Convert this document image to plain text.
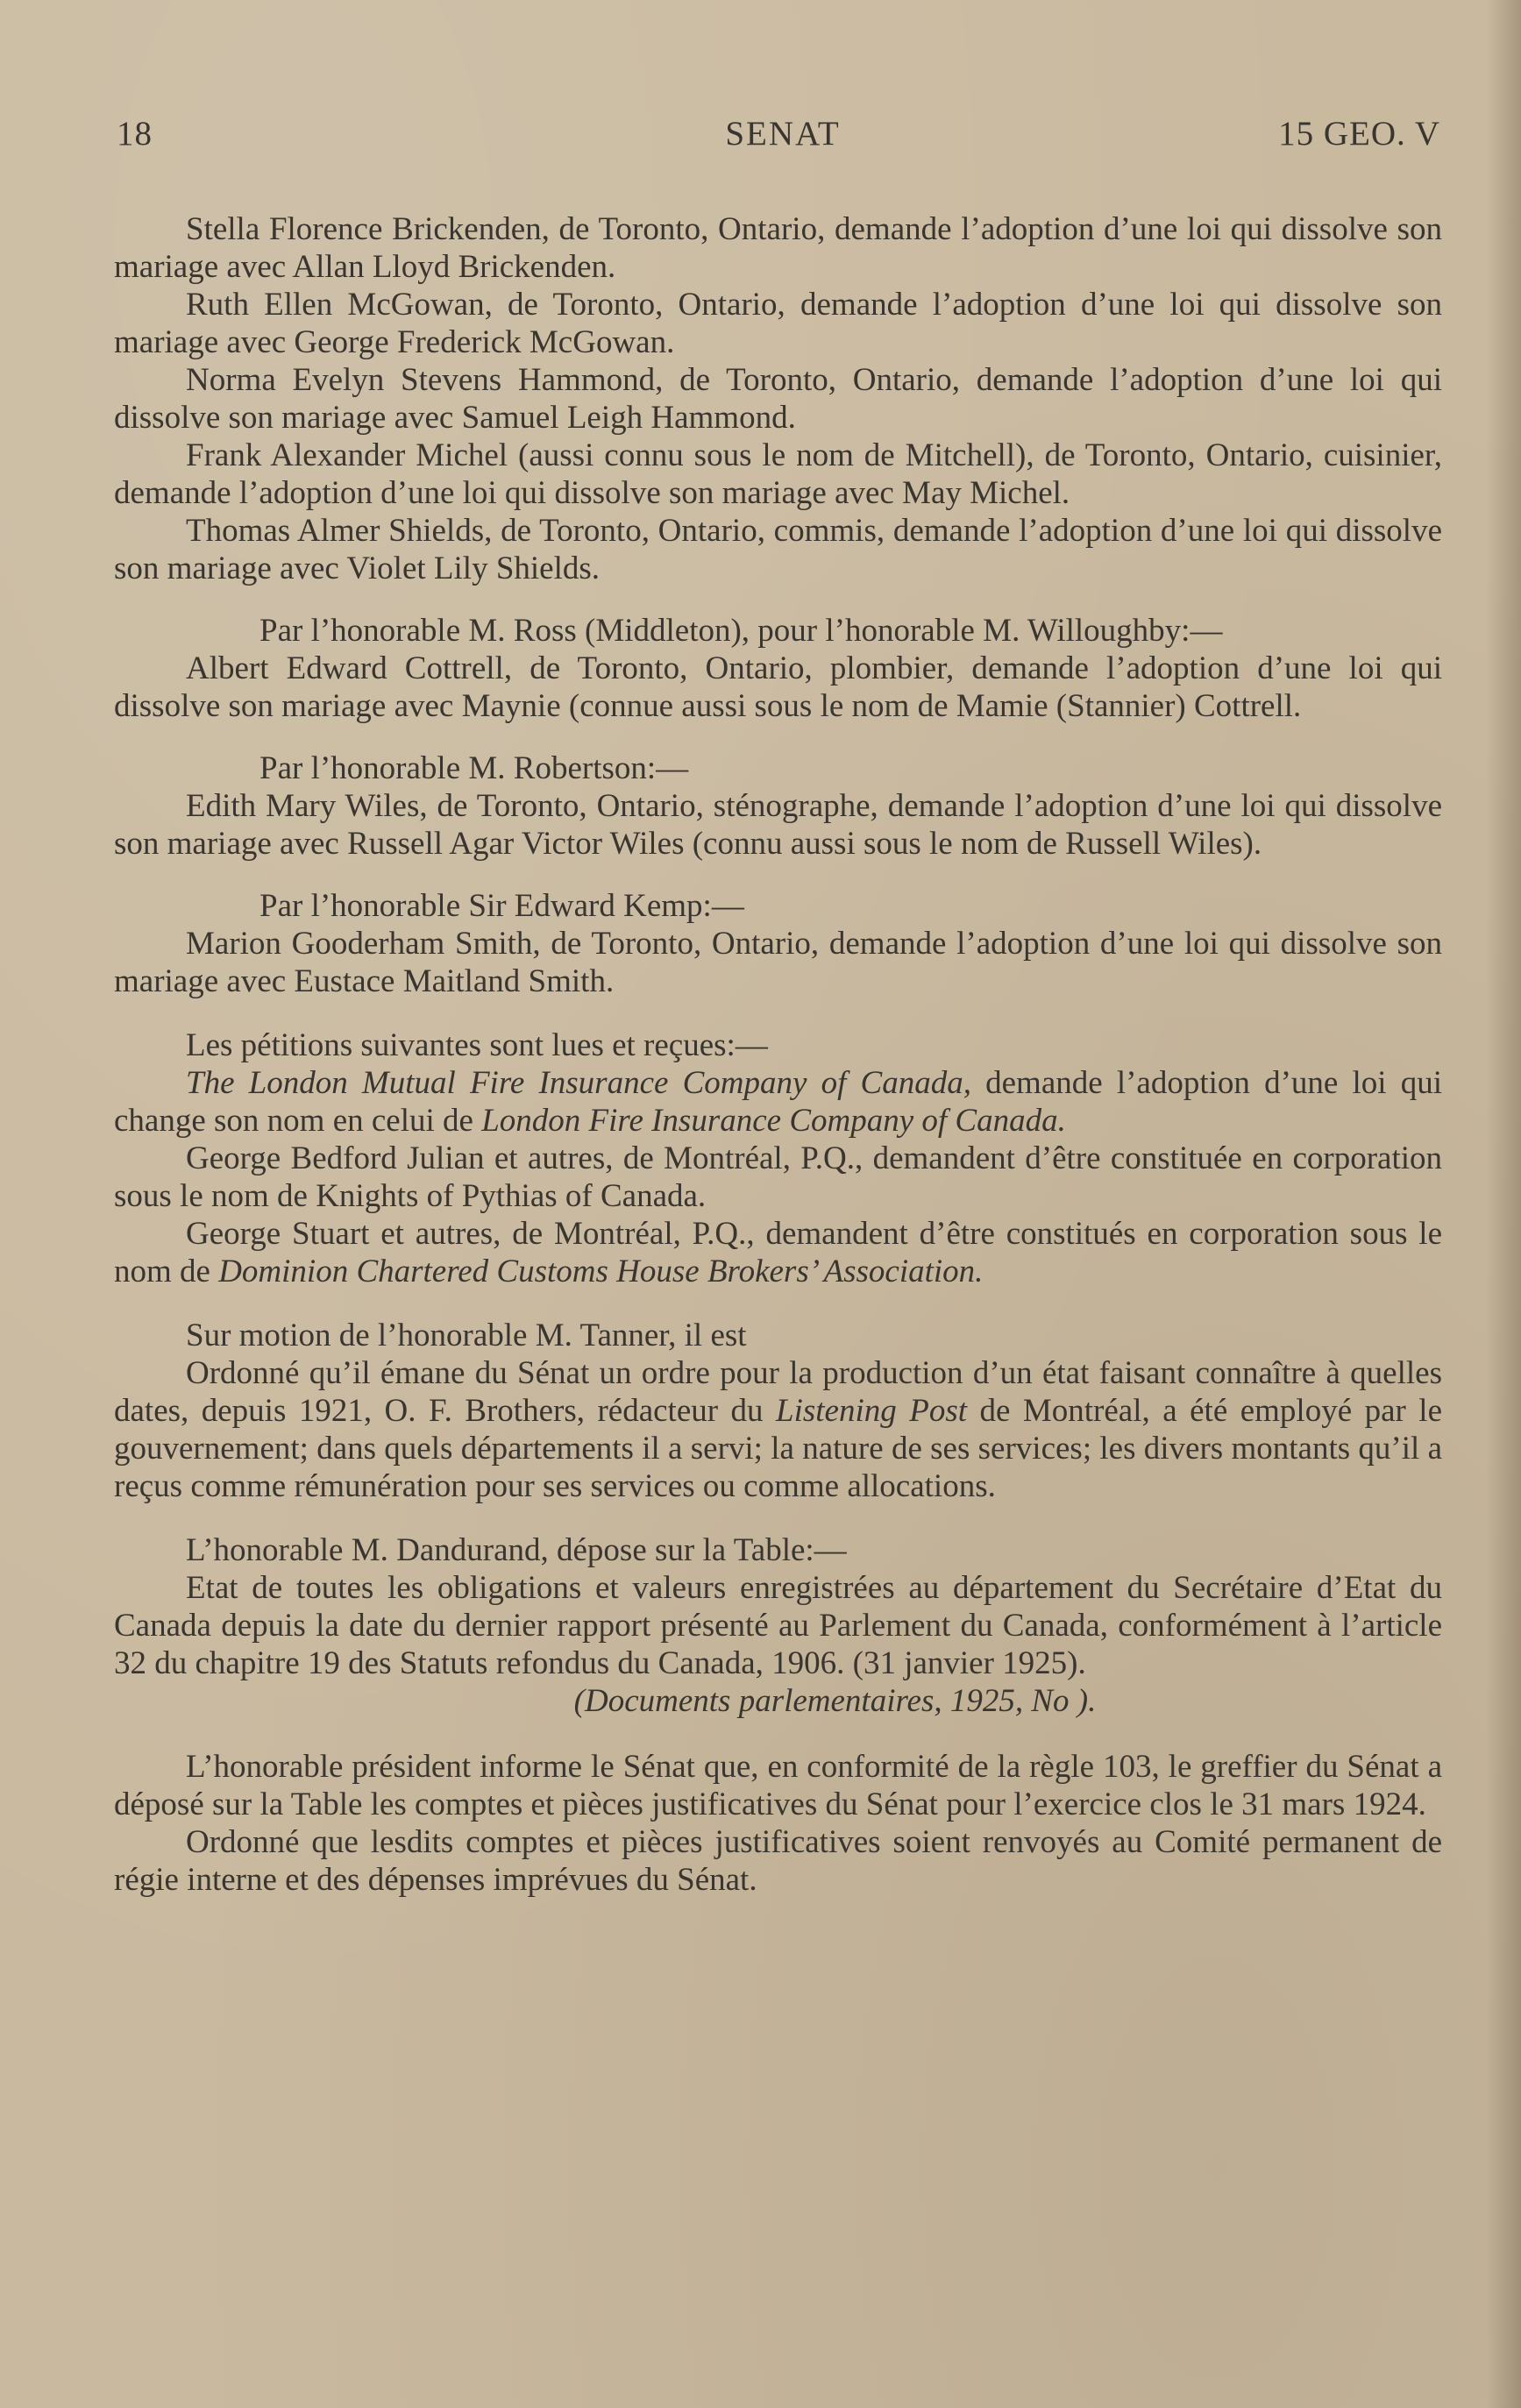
18	SENAT	15 GEO. V

Stella Florence Brickenden, de Toronto, Ontario, demande l’adoption d’une loi qui dissolve son mariage avec Allan Lloyd Brickenden.

Ruth Ellen McGowan, de Toronto, Ontario, demande l’adoption d’une loi qui dissolve son mariage avec George Frederick McGowan.

Norma Evelyn Stevens Hammond, de Toronto, Ontario, demande l’adoption d’une loi qui dissolve son mariage avec Samuel Leigh Hammond.

Frank Alexander Michel (aussi connu sous le nom de Mitchell), de Toronto, Ontario, cuisinier, demande l’adoption d’une loi qui dissolve son mariage avec May Michel.

Thomas Almer Shields, de Toronto, Ontario, commis, demande l’adoption d’une loi qui dissolve son mariage avec Violet Lily Shields.

Par l’honorable M. Ross (Middleton), pour l’honorable M. Willoughby:—

Albert Edward Cottrell, de Toronto, Ontario, plombier, demande l’adoption d’une loi qui dissolve son mariage avec Maynie (connue aussi sous le nom de Mamie (Stannier) Cottrell.

Par l’honorable M. Robertson:—

Edith Mary Wiles, de Toronto, Ontario, sténographe, demande l’adoption d’une loi qui dissolve son mariage avec Russell Agar Victor Wiles (connu aussi sous le nom de Russell Wiles).

Par l’honorable Sir Edward Kemp:—

Marion Gooderham Smith, de Toronto, Ontario, demande l’adoption d’une loi qui dissolve son mariage avec Eustace Maitland Smith.

Les pétitions suivantes sont lues et reçues:—

The London Mutual Fire Insurance Company of Canada, demande l’adoption d’une loi qui change son nom en celui de London Fire Insurance Company of Canada.

George Bedford Julian et autres, de Montréal, P.Q., demandent d’être constituée en corporation sous le nom de Knights of Pythias of Canada.

George Stuart et autres, de Montréal, P.Q., demandent d’être constitués en corporation sous le nom de Dominion Chartered Customs House Brokers’ Association.

Sur motion de l’honorable M. Tanner, il est

Ordonné qu’il émane du Sénat un ordre pour la production d’un état faisant connaître à quelles dates, depuis 1921, O. F. Brothers, rédacteur du Listening Post de Montréal, a été employé par le gouvernement; dans quels départements il a servi; la nature de ses services; les divers montants qu’il a reçus comme rémunération pour ses services ou comme allocations.

L’honorable M. Dandurand, dépose sur la Table:—

Etat de toutes les obligations et valeurs enregistrées au département du Secrétaire d’Etat du Canada depuis la date du dernier rapport présenté au Parlement du Canada, conformément à l’article 32 du chapitre 19 des Statuts refondus du Canada, 1906. (31 janvier 1925).

(Documents parlementaires, 1925, No ).

L’honorable président informe le Sénat que, en conformité de la règle 103, le greffier du Sénat a déposé sur la Table les comptes et pièces justificatives du Sénat pour l’exercice clos le 31 mars 1924.

Ordonné que lesdits comptes et pièces justificatives soient renvoyés au Comité permanent de régie interne et des dépenses imprévues du Sénat.
